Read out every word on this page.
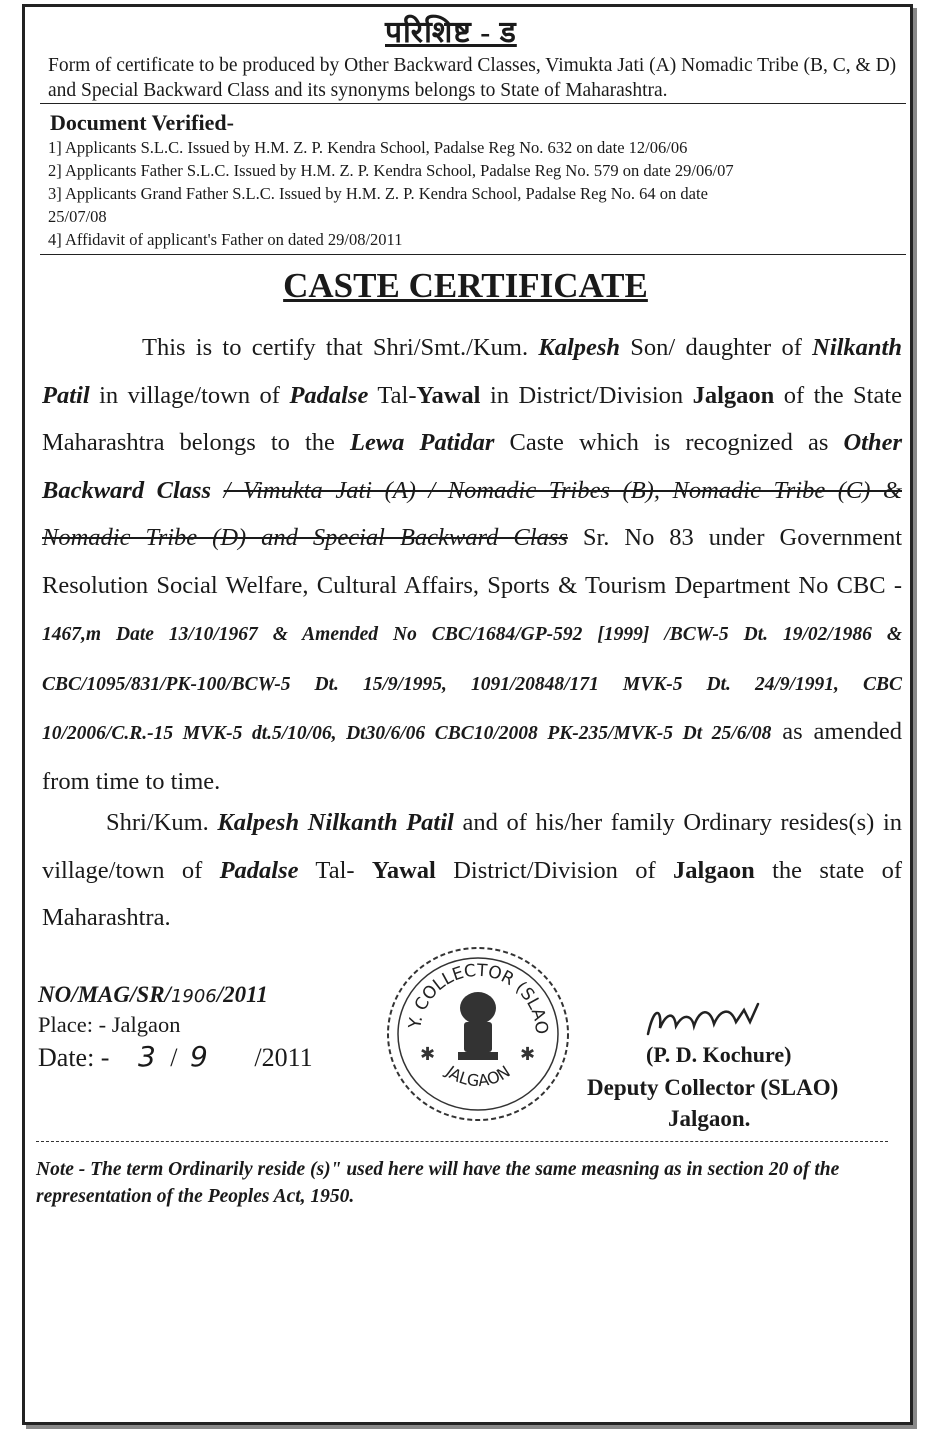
परिशिष्ट - ड
Form of certificate to be produced by Other Backward Classes, Vimukta Jati (A) Nomadic Tribe (B, C, & D) and Special Backward Class and its synonyms belongs to State of Maharashtra.
Document Verified-
1] Applicants S.L.C. Issued by H.M. Z. P. Kendra School, Padalse Reg No. 632 on date 12/06/06
2] Applicants Father S.L.C. Issued by H.M. Z. P. Kendra School, Padalse Reg No. 579 on date 29/06/07
3] Applicants Grand Father S.L.C. Issued by H.M. Z. P. Kendra School, Padalse Reg No. 64 on date
25/07/08
4] Affidavit of applicant's Father on dated 29/08/2011
CASTE CERTIFICATE

This is to certify that Shri/Smt./Kum. Kalpesh Son/ daughter of Nilkanth Patil in village/town of Padalse Tal-Yawal in District/Division Jalgaon of the State Maharashtra belongs to the Lewa Patidar Caste which is recognized as Other Backward Class / Vimukta Jati (A) / Nomadic Tribes (B), Nomadic Tribe (C) & Nomadic Tribe (D) and Special Backward Class Sr. No 83 under Government Resolution Social Welfare, Cultural Affairs, Sports & Tourism Department No CBC - 1467,m Date 13/10/1967 & Amended No CBC/1684/GP-592 [1999] /BCW-5 Dt. 19/02/1986 & CBC/1095/831/PK-100/BCW-5 Dt. 15/9/1995, 1091/20848/171 MVK-5 Dt. 24/9/1991, CBC 10/2006/C.R.-15 MVK-5 dt.5/10/06, Dt30/6/06 CBC10/2008 PK-235/MVK-5 Dt 25/6/08 as amended from time to time.

Shri/Kum. Kalpesh Nilkanth Patil and of his/her family Ordinary resides(s) in village/town of Padalse Tal- Yawal District/Division of Jalgaon the state of Maharashtra.

NO/MAG/SR/1906/2011
Place: - Jalgaon
Date: - 3 / 9 /2011
Y. COLLECTOR (SLAO
JALGAON
✱	✱	(P. D. Kochure)
Deputy Collector (SLAO)
Jalgaon.
Note - The term Ordinarily reside (s)" used here will have the same measning as in section 20 of the representation of the Peoples Act, 1950.
